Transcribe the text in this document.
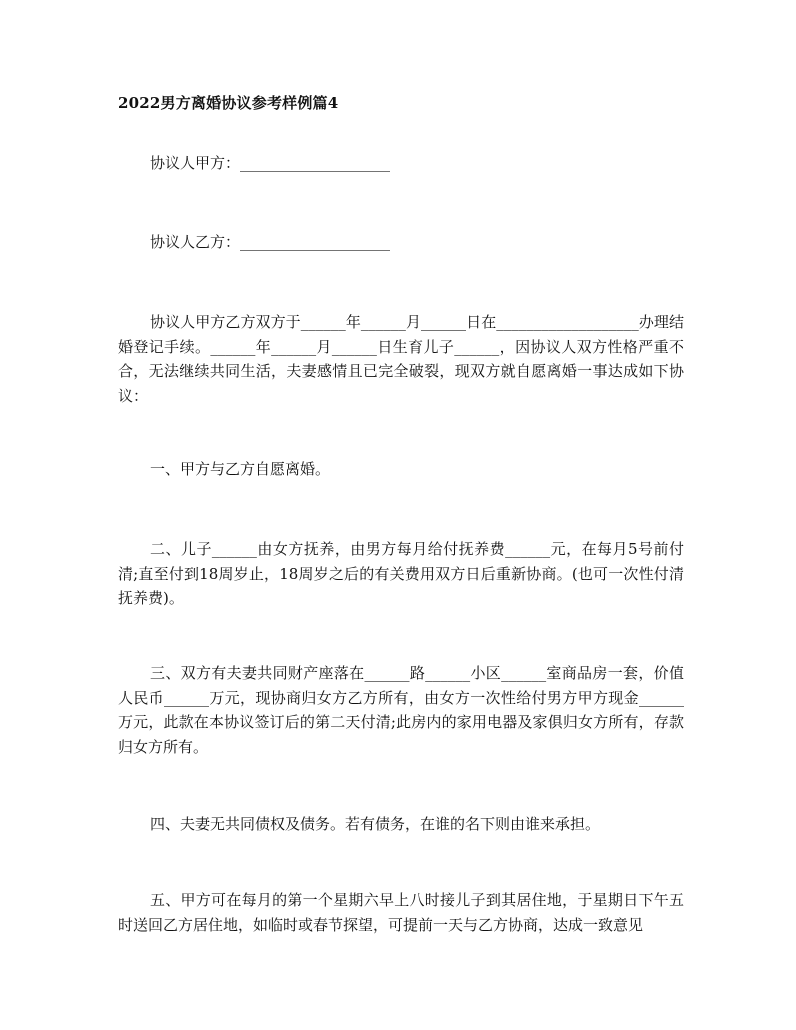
2022男方离婚协议参考样例篇4

协议人甲方：____________________

协议人乙方：____________________

协议人甲方乙方双方于______年______月______日在___________________办理结婚登记手续。______年______月______日生育儿子______，因协议人双方性格严重不合，无法继续共同生活，夫妻感情且已完全破裂，现双方就自愿离婚一事达成如下协议：

一、甲方与乙方自愿离婚。

二、儿子______由女方抚养，由男方每月给付抚养费______元，在每月5号前付清;直至付到18周岁止，18周岁之后的有关费用双方日后重新协商。(也可一次性付清抚养费)。

三、双方有夫妻共同财产座落在______路______小区______室商品房一套，价值人民币______万元，现协商归女方乙方所有，由女方一次性给付男方甲方现金______万元，此款在本协议签订后的第二天付清;此房内的家用电器及家俱归女方所有，存款归女方所有。

四、夫妻无共同债权及债务。若有债务，在谁的名下则由谁来承担。

五、甲方可在每月的第一个星期六早上八时接儿子到其居住地，于星期日下午五时送回乙方居住地，如临时或春节探望，可提前一天与乙方协商，达成一致意见
